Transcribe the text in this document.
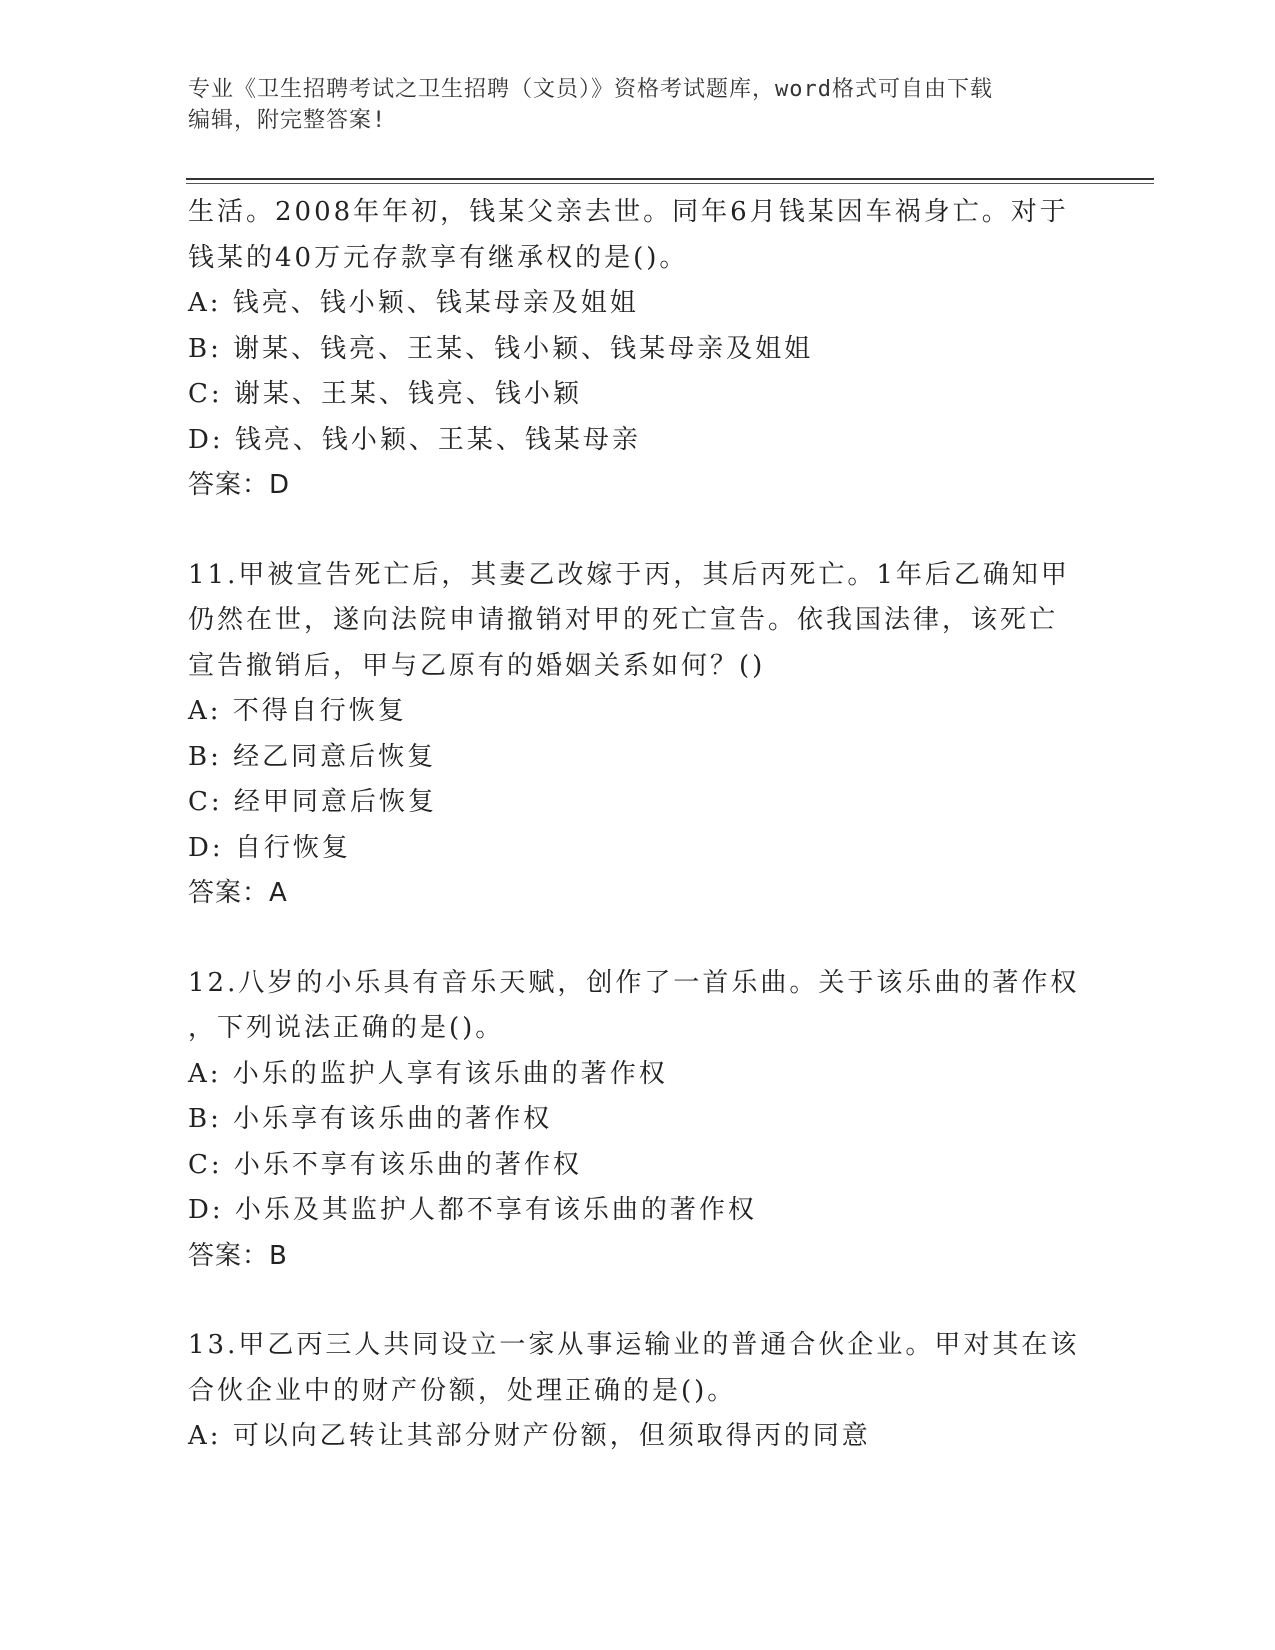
专业《卫生招聘考试之卫生招聘（文员）》资格考试题库，word格式可自由下载
编辑，附完整答案!
生活。2008年年初，钱某父亲去世。同年6月钱某因车祸身亡。对于
钱某的40万元存款享有继承权的是()。
A: 钱亮、钱小颖、钱某母亲及姐姐
B: 谢某、钱亮、王某、钱小颖、钱某母亲及姐姐
C: 谢某、王某、钱亮、钱小颖
D: 钱亮、钱小颖、王某、钱某母亲
答案：D
11.甲被宣告死亡后，其妻乙改嫁于丙，其后丙死亡。1年后乙确知甲
仍然在世，遂向法院申请撤销对甲的死亡宣告。依我国法律，该死亡
宣告撤销后，甲与乙原有的婚姻关系如何？()
A: 不得自行恢复
B: 经乙同意后恢复
C: 经甲同意后恢复
D: 自行恢复
答案：A
12.八岁的小乐具有音乐天赋，创作了一首乐曲。关于该乐曲的著作权
，下列说法正确的是()。
A: 小乐的监护人享有该乐曲的著作权
B: 小乐享有该乐曲的著作权
C: 小乐不享有该乐曲的著作权
D: 小乐及其监护人都不享有该乐曲的著作权
答案：B
13.甲乙丙三人共同设立一家从事运输业的普通合伙企业。甲对其在该
合伙企业中的财产份额，处理正确的是()。
A: 可以向乙转让其部分财产份额，但须取得丙的同意
